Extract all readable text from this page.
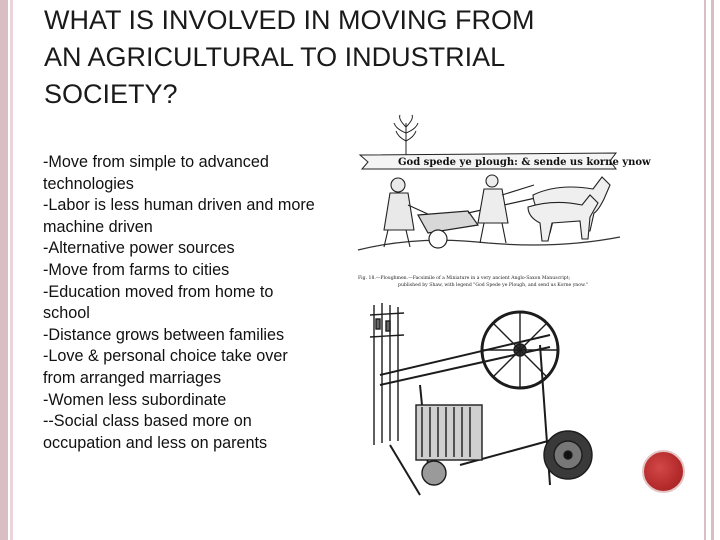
WHAT IS INVOLVED IN MOVING FROM
AN AGRICULTURAL TO INDUSTRIAL
SOCIETY?
-Move from simple to advanced
technologies
-Labor is less human driven and more
machine driven
-Alternative power sources
-Move from farms to cities
-Education moved from home to
school
-Distance grows between families
-Love & personal choice take over
from arranged marriages
-Women less subordinate
--Social class based more on
occupation and less on parents
God spede ye plough: & sende us korne ynow
Fig. 18.—Ploughmen.—Facsimile of a Miniature in a very ancient Anglo-Saxon Manuscript;
published by Shaw, with legend "God Spede ye Plough, and send us Korne ynow."
